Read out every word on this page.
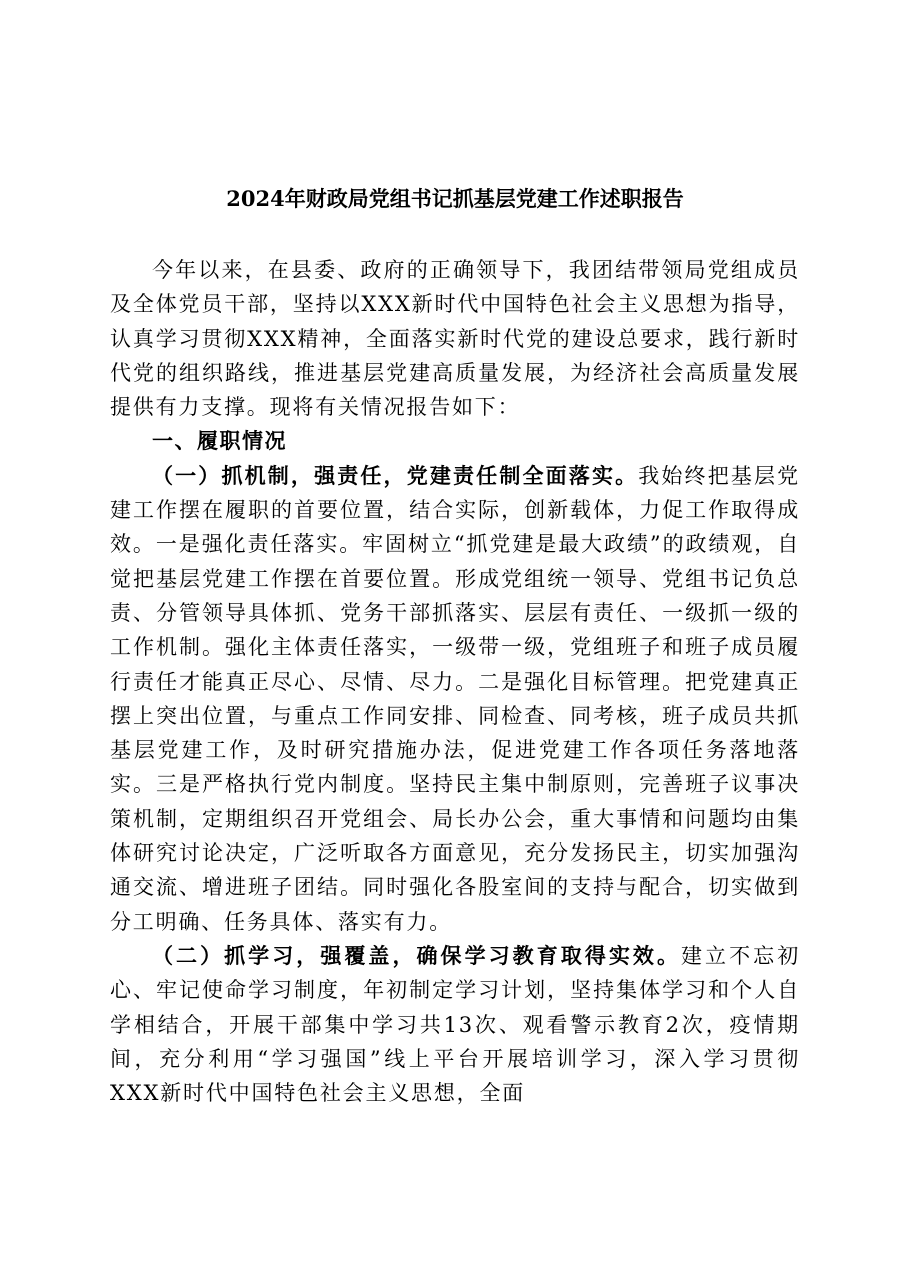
2024年财政局党组书记抓基层党建工作述职报告

今年以来，在县委、政府的正确领导下，我团结带领局党组成员及全体党员干部，坚持以XXX新时代中国特色社会主义思想为指导，认真学习贯彻XXX精神，全面落实新时代党的建设总要求，践行新时代党的组织路线，推进基层党建高质量发展，为经济社会高质量发展提供有力支撑。现将有关情况报告如下：

一、履职情况

（一）抓机制，强责任，党建责任制全面落实。我始终把基层党建工作摆在履职的首要位置，结合实际，创新载体，力促工作取得成效。一是强化责任落实。牢固树立“抓党建是最大政绩”的政绩观，自觉把基层党建工作摆在首要位置。形成党组统一领导、党组书记负总责、分管领导具体抓、党务干部抓落实、层层有责任、一级抓一级的工作机制。强化主体责任落实，一级带一级，党组班子和班子成员履行责任才能真正尽心、尽情、尽力。二是强化目标管理。把党建真正摆上突出位置，与重点工作同安排、同检查、同考核，班子成员共抓基层党建工作，及时研究措施办法，促进党建工作各项任务落地落实。三是严格执行党内制度。坚持民主集中制原则，完善班子议事决策机制，定期组织召开党组会、局长办公会，重大事情和问题均由集体研究讨论决定，广泛听取各方面意见，充分发扬民主，切实加强沟通交流、增进班子团结。同时强化各股室间的支持与配合，切实做到分工明确、任务具体、落实有力。

（二）抓学习，强覆盖，确保学习教育取得实效。建立不忘初心、牢记使命学习制度，年初制定学习计划，坚持集体学习和个人自学相结合，开展干部集中学习共13次、观看警示教育2次，疫情期间，充分利用“学习强国”线上平台开展培训学习，深入学习贯彻XXX新时代中国特色社会主义思想，全面
